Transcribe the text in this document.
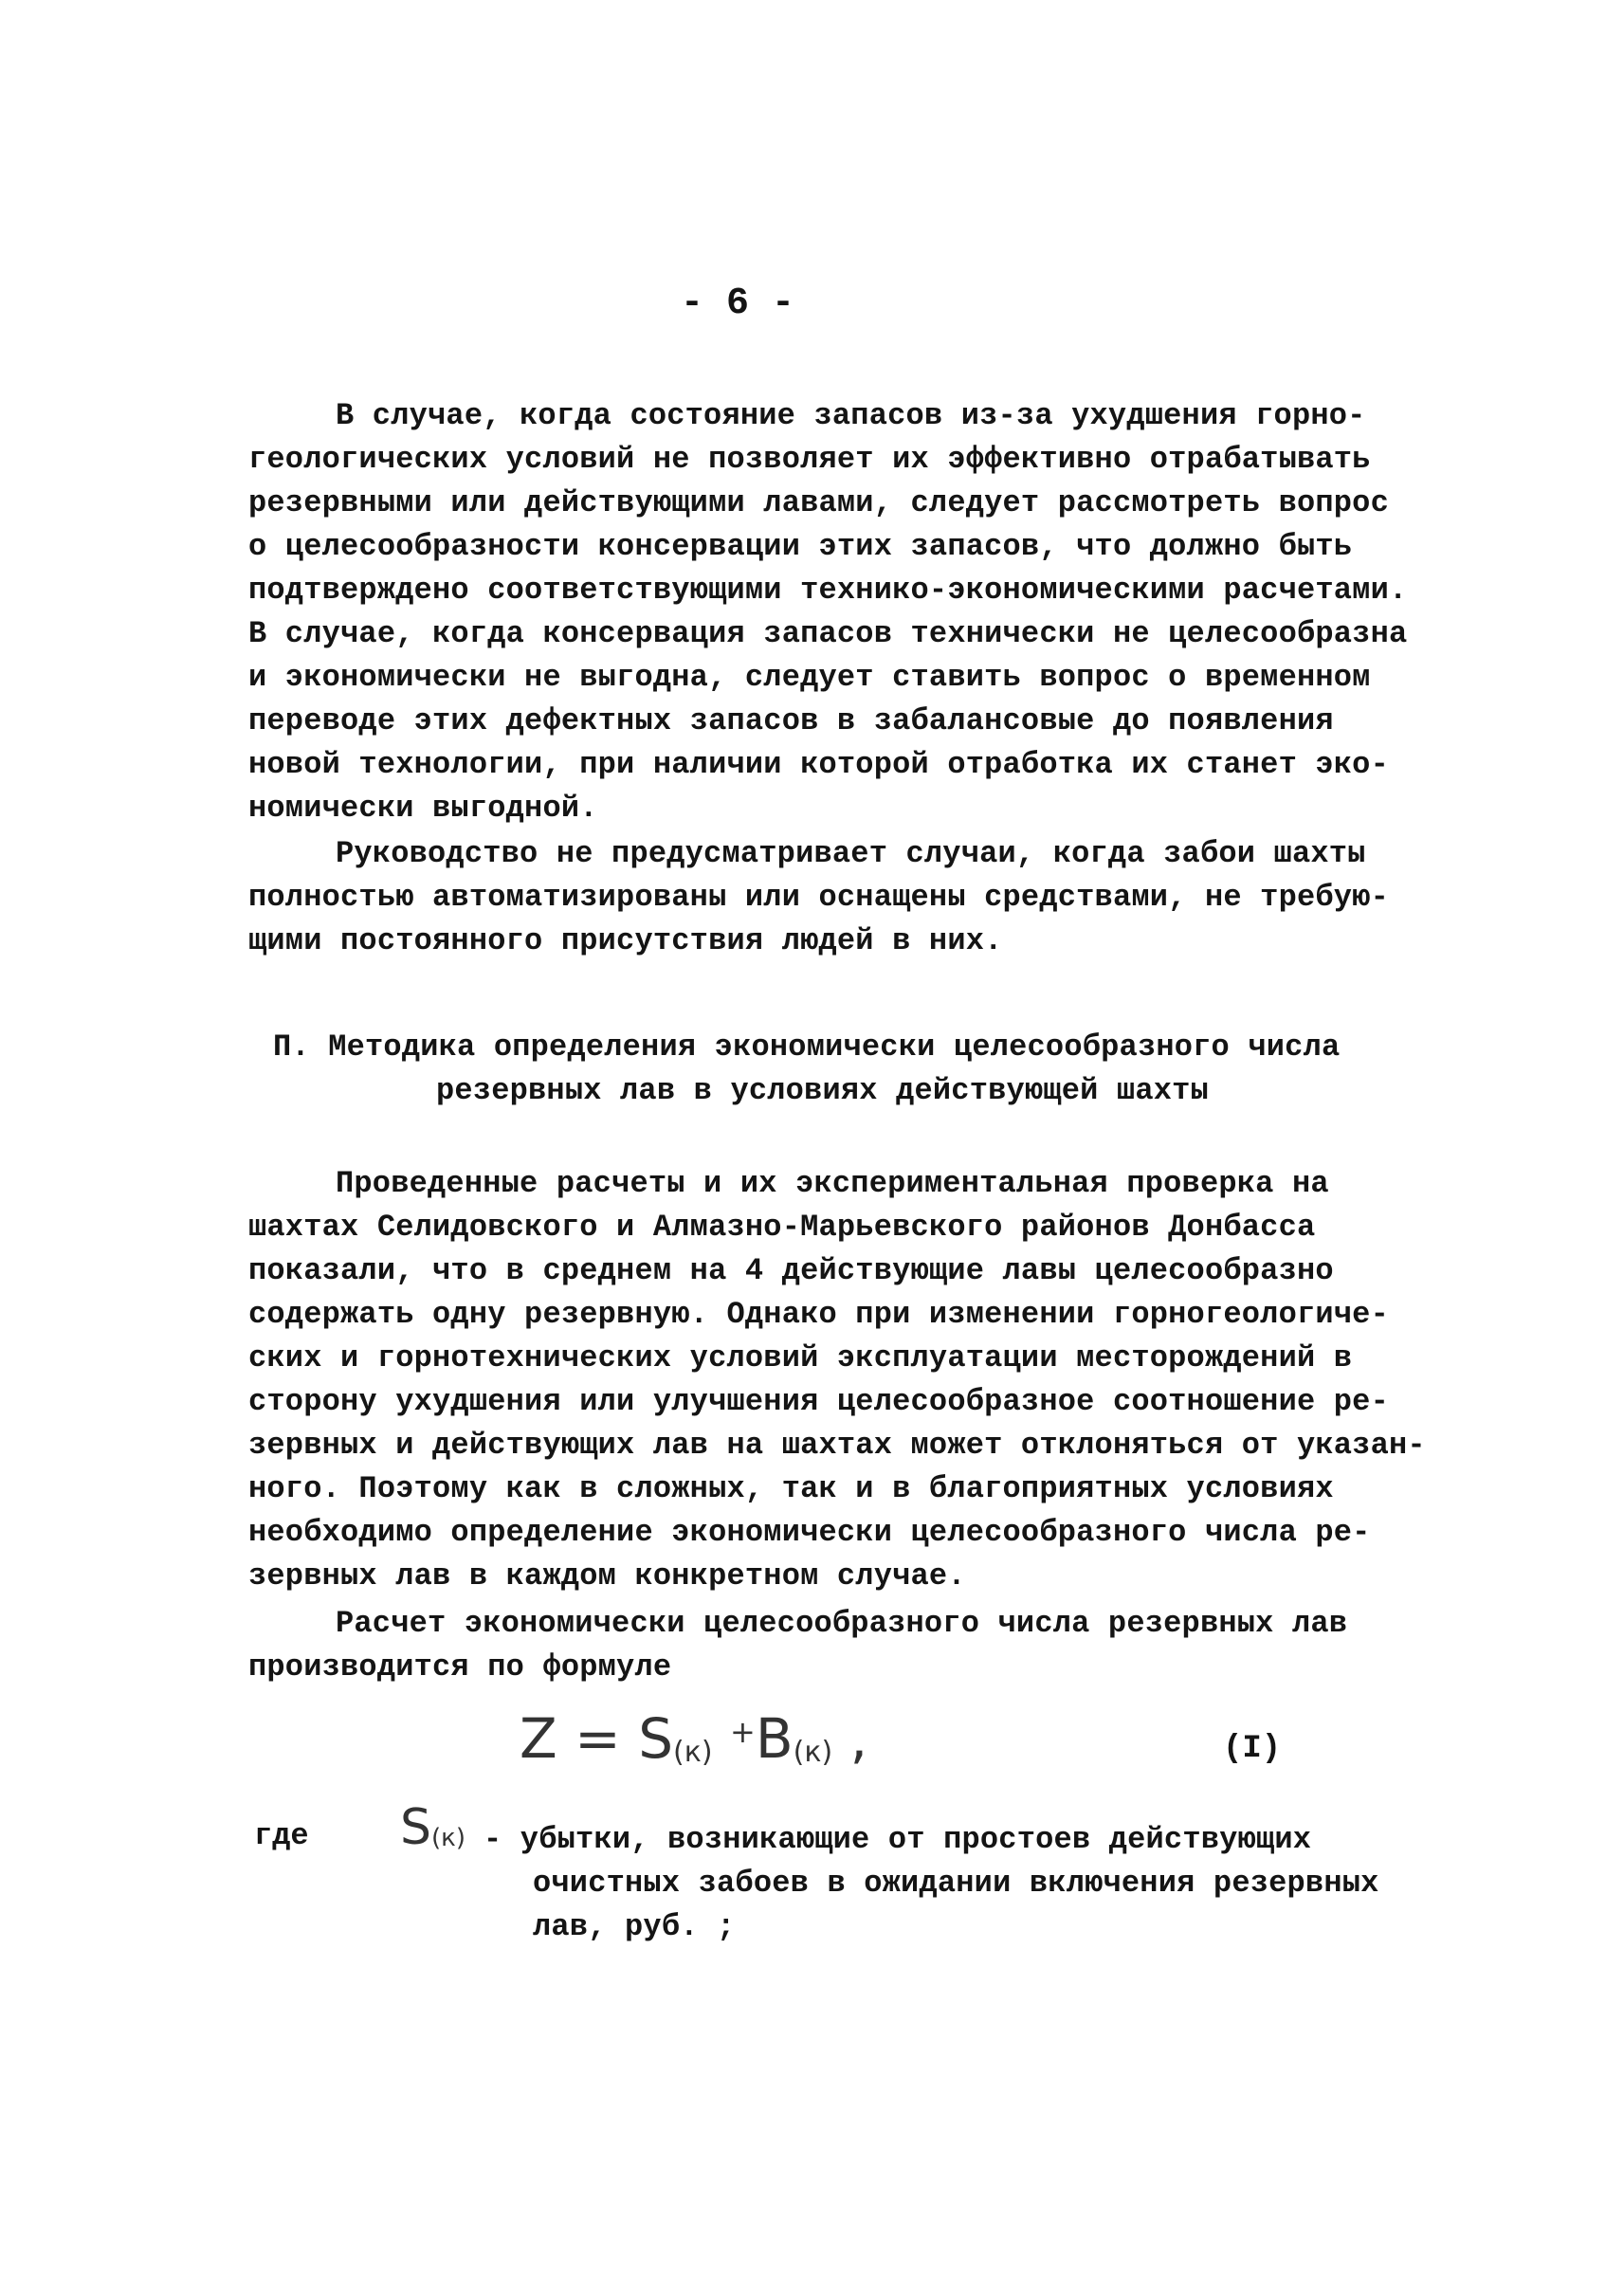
- 6 -
В случае, когда состояние запасов из-за ухудшения горно-
геологических условий не позволяет их эффективно отрабатывать
резервными или действующими лавами, следует рассмотреть вопрос
о целесообразности консервации этих запасов, что должно быть
подтверждено соответствующими технико-экономическими расчетами.
В случае, когда консервация запасов технически не целесообразна
и экономически не выгодна, следует ставить вопрос о временном
переводе этих дефектных запасов в забалансовые до появления
новой технологии, при наличии которой отработка их станет эко-
номически выгодной.
Руководство не предусматривает случаи, когда забои шахты
полностью автоматизированы или оснащены средствами, не требую-
щими постоянного присутствия людей в них.
П. Методика определения экономически целесообразного числа
резервных лав в условиях действующей шахты
Проведенные расчеты и их экспериментальная проверка на
шахтах Селидовского и Алмазно-Марьевского районов Донбасса
показали, что в среднем на 4 действующие лавы целесообразно
содержать одну резервную. Однако при изменении горногеологиче-
ских и горнотехнических условий эксплуатации месторождений в
сторону ухудшения или улучшения целесообразное соотношение ре-
зервных и действующих лав на шахтах может отклоняться от указан-
ного. Поэтому как в сложных, так и в благоприятных условиях
необходимо определение экономически целесообразного числа ре-
зервных лав в каждом конкретном случае.
Расчет экономически целесообразного числа резервных лав
производится по формуле
$Z = S_{(к)}$ $^+B_{(к)}$ ,	(I)
где $S_{(к)}$ - убытки, возникающие от простоев действующих
очистных забоев в ожидании включения резервных
лав, руб. ;
